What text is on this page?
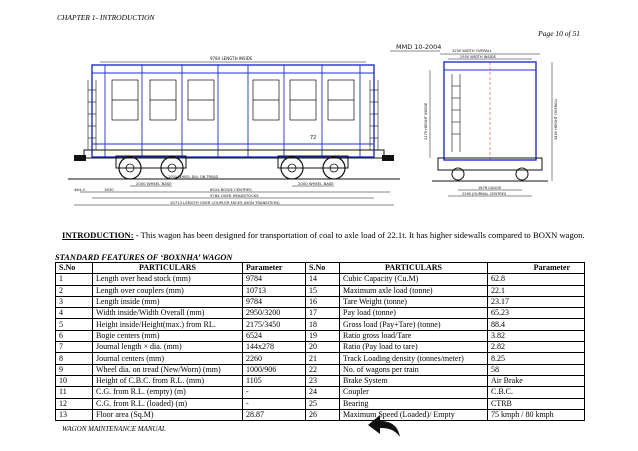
CHAPTER 1- INTRODUCTION
Page 10 of 51
MMD 10-2004
9784 LENGTH INSIDE
72
1000 WHEEL DIA. ON TREAD
2000 WHEEL BASE	2000 WHEEL BASE
464.5	1630	6524 BOGIE CENTRES
9784 OVER HEADSTOCKS
10713 LENGTH OVER COUPLER FACES (NON TRANSITION)
3200 WIDTH OVERALL
2950 WIDTH INSIDE
1676 GAUGE
2260 JOURNAL CENTRES
3450 HEIGHT OVERALL
2175 HEIGHT INSIDE
INTRODUCTION: - This wagon has been designed for transportation of coal to axle load of 22.1t. It has higher sidewalls compared to BOXN wagon.
STANDARD FEATURES OF ‘BOXNHA’ WAGON
S.No	PARTICULARS	Parameter	S.No	PARTICULARS	Parameter
1	Length over head stock (mm)	9784	14	Cubic Capacity (Cu.M)	62.8
2	Length over couplers (mm)	10713	15	Maximum axle load (tonne)	22.1
3	Length inside (mm)	9784	16	Tare Weight (tonne)	23.17
4	Width inside/Width Overall (mm)	2950/3200	17	Pay load (tonne)	65.23
5	Height inside/Height(max.) from RL.	2175/3450	18	Gross load (Pay+Tare) (tonne)	88.4
6	Bogie centers (mm)	6524	19	Ratio gross load/Tare	3.82
7	Journal length × dia. (mm)	144x278	20	Ratio (Pay load to tare)	2.82
8	Journal centers (mm)	2260	21	Track Loading density (tonnes/meter)	8.25
9	Wheel dia. on tread (New/Worn) (mm)	1000/906	22	No. of wagons per train	58
10	Height of C.B.C. from R.L. (mm)	1105	23	Brake System	Air Brake
11	C.G. from R.L. (empty) (m)	-	24	Coupler	C.B.C.
12	C.G. from R.L. (loaded) (m)	-	25	Bearing	CTRB
13	Floor area (Sq.M)	28.87	26	Maximum Speed (Loaded)/ Empty	75 kmph / 80 kmph
WAGON MAINTENANCE MANUAL
